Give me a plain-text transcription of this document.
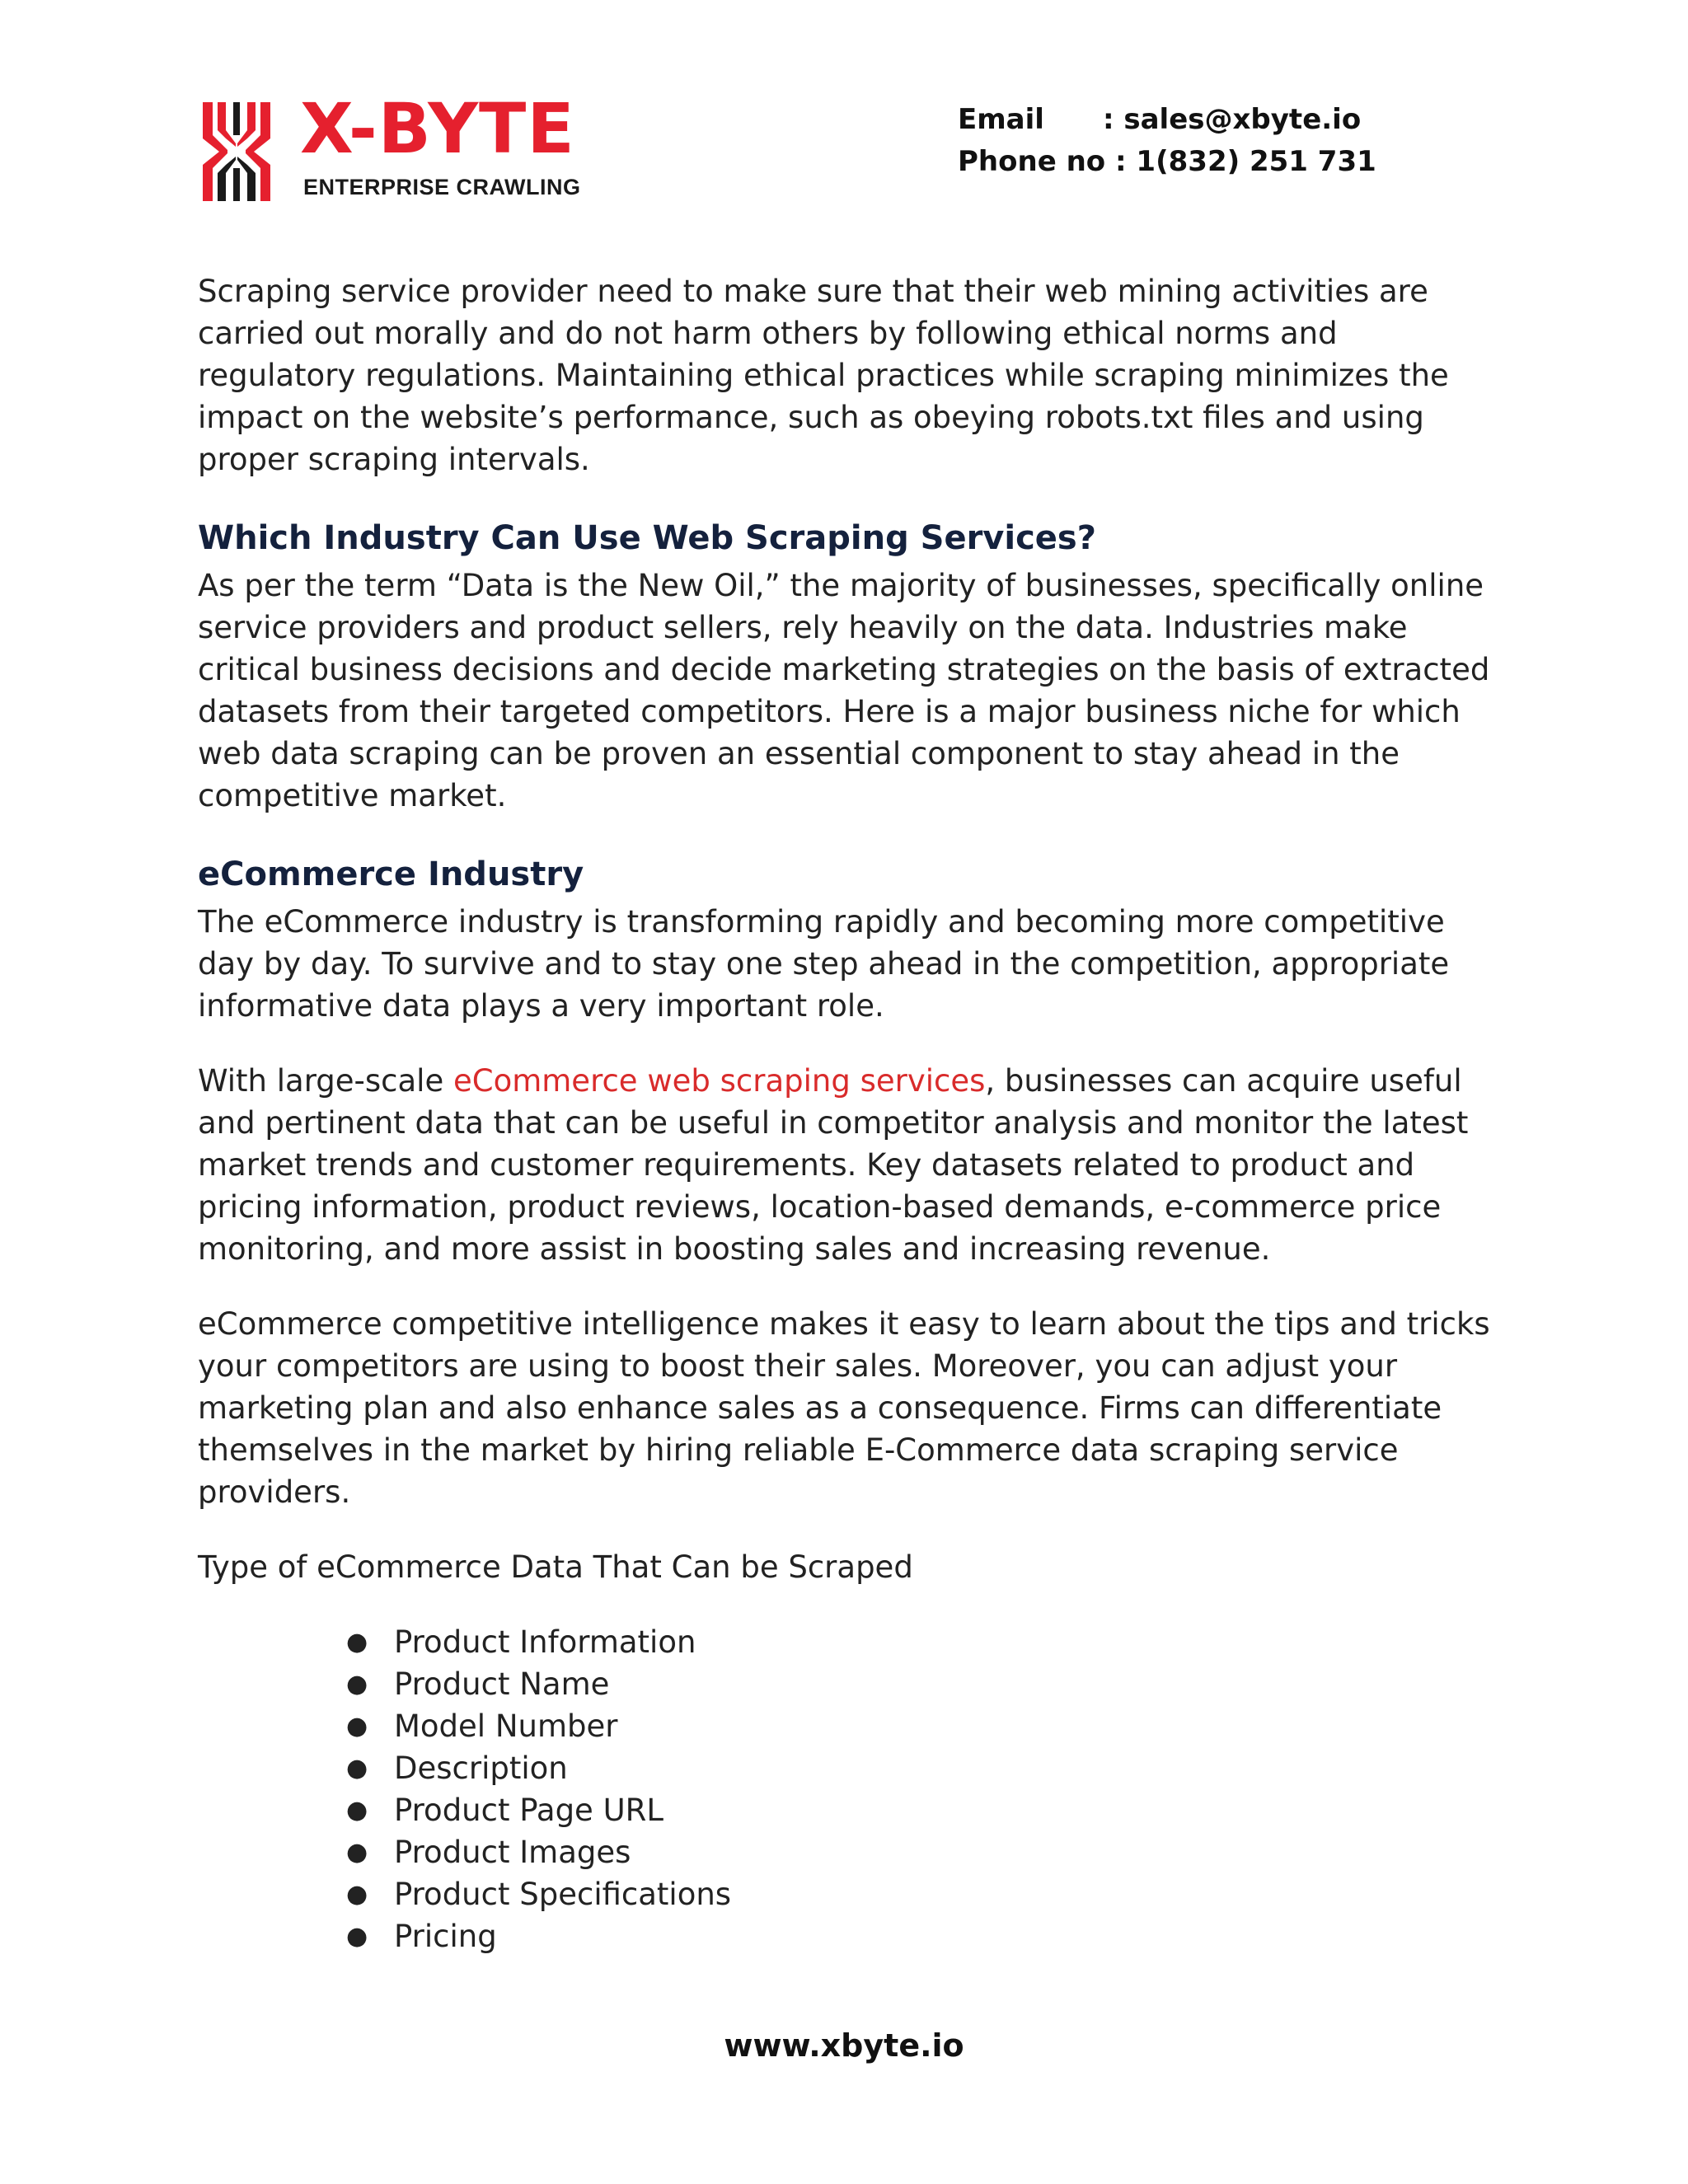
X-BYTE
ENTERPRISE CRAWLING
Email : sales@xbyte.io
Phone no : 1(832) 251 731

Scraping service provider need to make sure that their web mining activities are carried out morally and do not harm others by following ethical norms and regulatory regulations. Maintaining ethical practices while scraping minimizes the impact on the website’s performance, such as obeying robots.txt files and using proper scraping intervals.

Which Industry Can Use Web Scraping Services?

As per the term “Data is the New Oil,” the majority of businesses, specifically online service providers and product sellers, rely heavily on the data. Industries make critical business decisions and decide marketing strategies on the basis of extracted datasets from their targeted competitors. Here is a major business niche for which web data scraping can be proven an essential component to stay ahead in the competitive market.

eCommerce Industry

The eCommerce industry is transforming rapidly and becoming more competitive day by day. To survive and to stay one step ahead in the competition, appropriate informative data plays a very important role.

With large-scale eCommerce web scraping services, businesses can acquire useful and pertinent data that can be useful in competitor analysis and monitor the latest market trends and customer requirements. Key datasets related to product and pricing information, product reviews, location-based demands, e-commerce price monitoring, and more assist in boosting sales and increasing revenue.

eCommerce competitive intelligence makes it easy to learn about the tips and tricks your competitors are using to boost their sales. Moreover, you can adjust your marketing plan and also enhance sales as a consequence. Firms can differentiate themselves in the market by hiring reliable E-Commerce data scraping service providers.

Type of eCommerce Data That Can be Scraped

● Product Information
● Product Name
● Model Number
● Description
● Product Page URL
● Product Images
● Product Specifications
● Pricing
www.xbyte.io
